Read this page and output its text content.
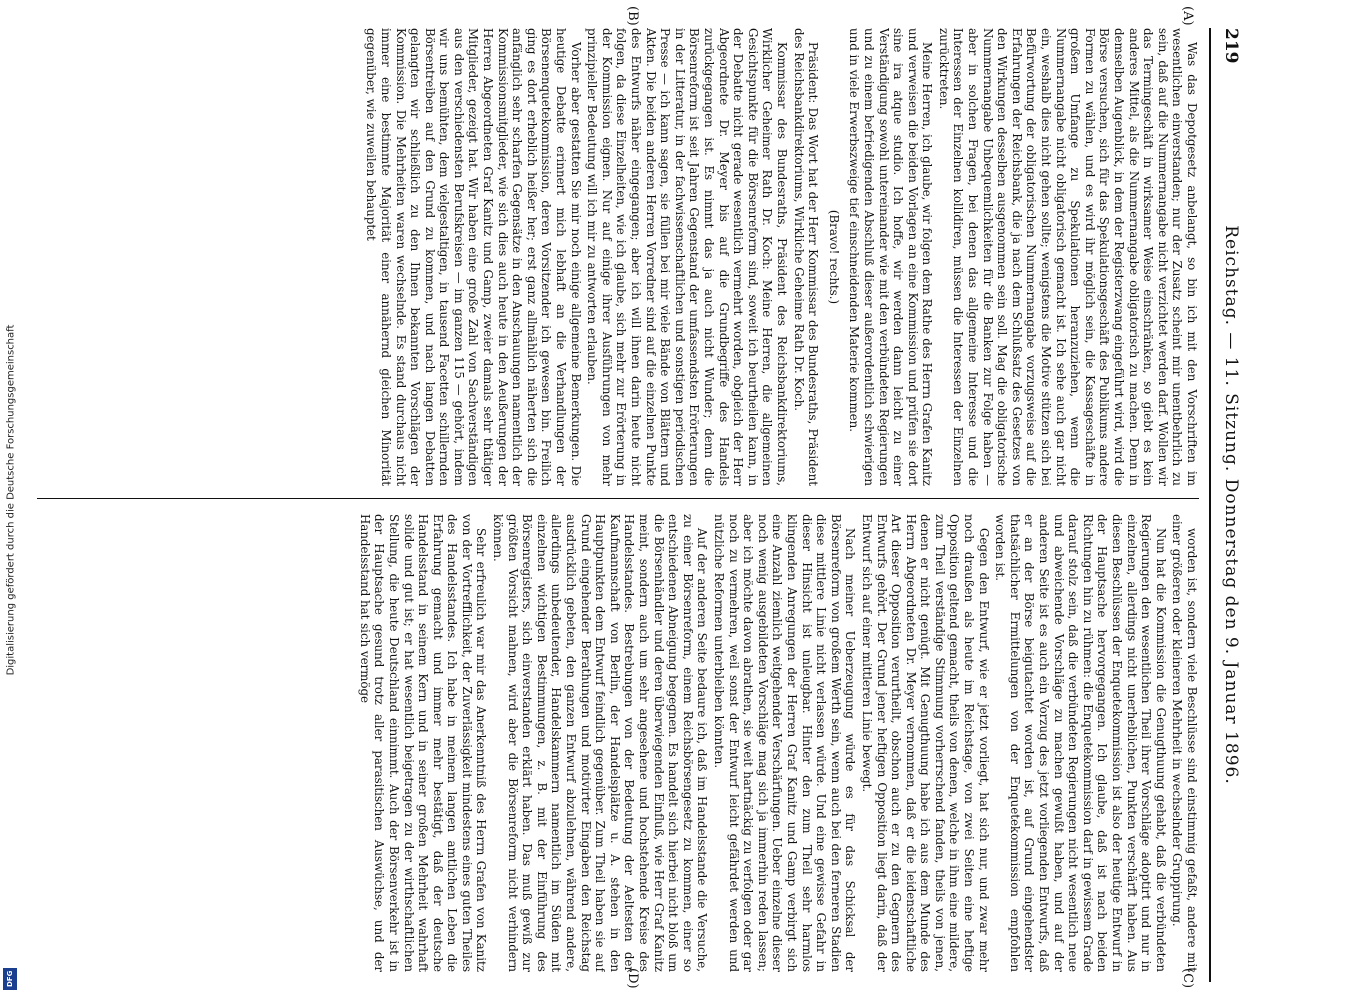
Digitalisierung gefördert durch die Deutsche Forschungsgemeinschaft
DFG
219
Reichstag. — 11. Sitzung. Donnerstag den 9. Januar 1896.
(A)
(B)
(C)
(D)

Was das Depotgesetz anbelangt, so bin ich mit den Vorschriften im wesentlichen einverstanden; nur der Zusatz scheint mir unentbehrlich zu sein, daß auf die Nummernangabe nicht verzichtet werden darf. Wollen wir das Termingeschäft in wirksamer Weise einschränken, so giebt es kein anderes Mittel, als die Nummernangabe obligatorisch zu machen. Denn in demselben Augenblick, in dem der Registerzwang eingeführt wird, wird die Börse versuchen, sich für das Spekulationsgeschäft des Publikums andere Formen zu wählen, und es wird ihr möglich sein, die Kassageschäfte in großem Umfange zu Spekulationen heranzuziehen, wenn die Nummernangabe nicht obligatorisch gemacht ist. Ich sehe auch gar nicht ein, weshalb dies nicht gehen sollte; wenigstens die Motive stützen sich bei Befürwortung der obligatorischen Nummernangabe vorzugsweise auf die Erfahrungen der Reichsbank, die ja nach dem Schlußsatz des Gesetzes von den Wirkungen desselben ausgenommen sein soll. Mag die obligatorische Nummernangabe Unbequemlichkeiten für die Banken zur Folge haben — aber in solchen Fragen, bei denen das allgemeine Interesse und die Interessen der Einzelnen kollidiren, müssen die Interessen der Einzelnen zurücktreten.

Meine Herren, ich glaube, wir folgen dem Rathe des Herrn Grafen Kanitz und verweisen die beiden Vorlagen an eine Kommission und prüfen sie dort sine ira atque studio. Ich hoffe, wir werden dann leicht zu einer Verständigung sowohl untereinander wie mit den verbündeten Regierungen und zu einem befriedigenden Abschluß dieser außerordentlich schwierigen und in viele Erwerbszweige tief einschneidenden Materie kommen.

(Bravo! rechts.)

Präsident: Das Wort hat der Herr Kommissar des Bundesraths, Präsident des Reichsbankdirektoriums, Wirkliche Geheime Rath Dr. Koch.

Kommissar des Bundesraths, Präsident des Reichsbankdirektoriums, Wirklicher Geheimer Rath Dr. Koch: Meine Herren, die allgemeinen Gesichtspunkte für die Börsenreform sind, soweit ich beurtheilen kann, in der Debatte nicht gerade wesentlich vermehrt worden, obgleich der Herr Abgeordnete Dr. Meyer bis auf die Grundbegriffe des Handels zurückgegangen ist. Es nimmt das ja auch nicht Wunder; denn die Börsenreform ist seit Jahren Gegenstand der umfassendsten Erörterungen in der Litteratur, in der fachwissenschaftlichen und sonstigen periodischen Presse — ich kann sagen, sie füllen bei mir viele Bände von Blättern und Akten. Die beiden anderen Herren Vorredner sind auf die einzelnen Punkte des Entwurfs näher eingegangen; aber ich will ihnen darin heute nicht folgen, da diese Einzelheiten, wie ich glaube, sich mehr zur Erörterung in der Kommission eignen. Nur auf einige ihrer Ausführungen von mehr prinzipieller Bedeutung will ich mir zu antworten erlauben.

Vorher aber gestatten Sie mir noch einige allgemeine Bemerkungen. Die heutige Debatte erinnert mich lebhaft an die Verhandlungen der Börsenenquetekommission, deren Vorsitzender ich gewesen bin. Freilich ging es dort erheblich heißer her; erst ganz allmählich näherten sich die anfänglich sehr scharfen Gegensätze in den Anschauungen namentlich der Kommissionsmitglieder, wie sich dies auch heute in den Aeußerungen der Herren Abgeordneten Graf Kanitz und Gamp, zweier damals sehr thätiger Mitglieder, gezeigt hat. Wir haben eine große Zahl von Sachverständigen aus den verschiedensten Berufskreisen — im ganzen 115 — gehört, indem wir uns bemühten, dem vielgestaltigen, in tausend Facetten schillernden Börsentreiben auf den Grund zu kommen, und nach langen Debatten gelangten wir schließlich zu den Ihnen bekannten Vorschlägen der Kommission. Die Mehrheiten waren wechselnde. Es stand durchaus nicht immer eine bestimmte Majorität einer annähernd gleichen Minorität gegenüber, wie zuweilen behauptet

worden ist, sondern viele Beschlüsse sind einstimmig gefaßt, andere mit einer größeren oder kleineren Mehrheit in wechselnder Gruppirung.

Nun hat die Kommission die Genugthuung gehabt, daß die verbündeten Regierungen den wesentlichen Theil ihrer Vorschläge adoptirt und nur in einzelnen, allerdings nicht unerheblichen, Punkten verschärft haben. Aus diesen Beschlüssen der Enquetekommission ist also der heutige Entwurf in der Hauptsache hervorgegangen. Ich glaube, daß ist nach beiden Richtungen hin zu rühmen: die Enquetekommission darf in gewissem Grade darauf stolz sein, daß die verbündeten Regierungen nicht wesentlich neue und abweichende Vorschläge zu machen gewußt haben, und auf der anderen Seite ist es auch ein Vorzug des jetzt vorliegenden Entwurfs, daß er an der Börse beigutachtet worden ist, auf Grund eingehendster thatsächlicher Ermittelungen von der Enquetekommission empfohlen worden ist.

Gegen den Entwurf, wie er jetzt vorliegt, hat sich nur, und zwar mehr noch draußen als heute im Reichstage, von zwei Seiten eine heftige Opposition geltend gemacht, theils von denen, welche in ihm eine mildere, zum Theil verständige Stimmung vorherrschend fanden, theils von jenen, denen er nicht genügt. Mit Genugthuung habe ich aus dem Munde des Herrn Abgeordneten Dr. Meyer vernommen, daß er die leidenschaftliche Art dieser Opposition verurtheilt, obschon auch er zu den Gegnern des Entwurfs gehört. Der Grund jener heftigen Opposition liegt darin, daß der Entwurf sich auf einer mittleren Linie bewegt.

Nach meiner Ueberzeugung würde es für das Schicksal der Börsenreform von großem Werth sein, wenn auch bei den ferneren Stadien diese mittlere Linie nicht verlassen würde. Und eine gewisse Gefahr in dieser Hinsicht ist unleugbar. Hinter den zum Theil sehr harmlos klingenden Anregungen der Herren Graf Kanitz und Gamp verbirgt sich eine Anzahl ziemlich weitgehender Verschärfungen. Ueber einzelne dieser noch wenig ausgebildeten Vorschläge mag sich ja immerhin reden lassen; aber ich möchte davon abrathen, sie weit hartnäckig zu verfolgen oder gar noch zu vermehren, weil sonst der Entwurf leicht gefährdet werden und nützliche Reformen unterbleiben könnten.

Auf der anderen Seite bedaure ich, daß im Handelsstande die Versuche, zu einer Börsenreform, einem Reichsbörsengesetz zu kommen, einer so entschiedenen Abneigung begegnen. Es handelt sich hierbei nicht bloß um die Börsenhändler und deren überwiegenden Einfluß, wie Herr Graf Kanitz meint, sondern auch um sehr angesehene und hochstehende Kreise des Handelsstandes. Bestrebungen von der Bedeutung der Aeltesten der Kaufmannschaft von Berlin, der Handelsplätze u. A. stehen in den Hauptpunkten dem Entwurf feindlich gegenüber. Zum Theil haben sie auf Grund eingehender Berathungen und motivirter Eingaben den Reichstag ausdrücklich gebeten, den ganzen Entwurf abzulehnen, während andere, allerdings unbedeutender, Handelskammern namentlich im Süden mit einzelnen wichtigen Bestimmungen, z. B. mit der Einführung des Börsenregisters, sich einverstanden erklärt haben. Das muß gewiß zur größten Vorsicht mahnen, wird aber die Börsenreform nicht verhindern können.

Sehr erfreulich war mir das Anerkenntniß des Herrn Grafen von Kanitz von der Vortrefflichkeit, der Zuverlässigkeit mindestens eines guten Theiles des Handelsstandes. Ich habe in meinem langen amtlichen Leben die Erfahrung gemacht und immer mehr bestätigt, daß der deutsche Handelsstand in seinem Kern und in seiner großen Mehrheit wahrhaft solide und gut ist; er hat wesentlich beigetragen zu der wirthschaftlichen Stellung, die heute Deutschland einnimmt. Auch der Börsenverkehr ist in der Hauptsache gesund trotz aller parasitischen Auswüchse, und der Handelsstand hat sich vermöge
